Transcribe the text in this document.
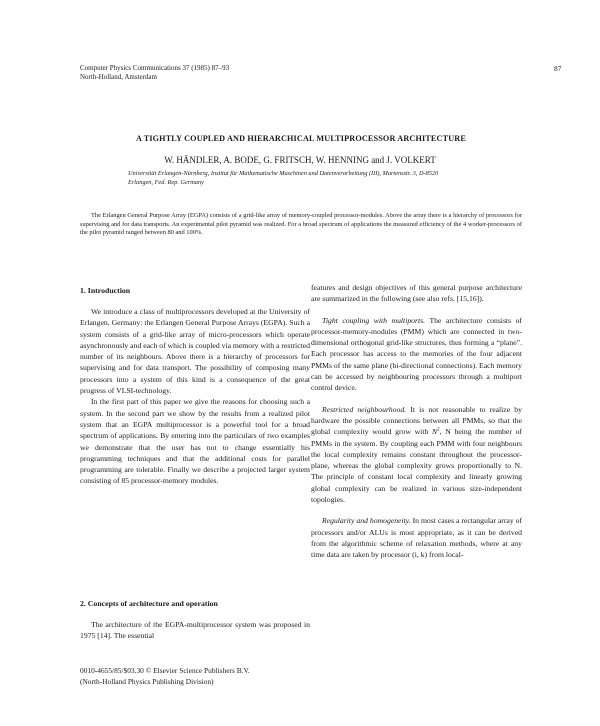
Computer Physics Communications 37 (1985) 87–93
North-Holland, Amsterdam
87
A TIGHTLY COUPLED AND HIERARCHICAL MULTIPROCESSOR ARCHITECTURE
W. HÄNDLER, A. BODE, G. FRITSCH, W. HENNING and J. VOLKERT
Universität Erlangen-Nürnberg, Institut für Mathematische Maschinen und Datenverarbeitung (III), Martensstr. 3, D-8520
Erlangen, Fed. Rep. Germany
The Erlangen General Purpose Array (EGPA) consists of a grid-like array of memory-coupled processor-modules. Above the array there is a hierarchy of processors for supervising and for data transports. An experimental pilot pyramid was realized. For a broad spectrum of applications the measured efficiency of the 4 worker-processors of the pilot pyramid ranged between 80 and 100%.
1. Introduction

We introduce a class of multiprocessors developed at the University of Erlangen, Germany: the Erlangen General Purpose Arrays (EGPA). Such a system consists of a grid-like array of micro-processors which operate asynchronously and each of which is coupled via memory with a restricted number of its neighbours. Above there is a hierarchy of processors for supervising and for data transport. The possibility of composing many processors into a system of this kind is a consequence of the great progress of VLSI-technology.

In the first part of this paper we give the reasons for choosing such a system. In the second part we show by the results from a realized pilot system that an EGPA multiprocessor is a powerful tool for a broad spectrum of applications. By entering into the particulars of two examples we demonstrate that the user has not to change essentially his programming techniques and that the additional costs for parallel programming are tolerable. Finally we describe a projected larger system consisting of 85 processor-memory modules.

2. Concepts of architecture and operation

The architecture of the EGPA-multiprocessor system was proposed in 1975 [14]. The essential

features and design objectives of this general purpose architecture are summarized in the following (see also refs. [15,16]).

Tight coupling with multiports. The architecture consists of processor-memory-modules (PMM) which are connected in two-dimensional orthogonal grid-like structures, thus forming a “plane”. Each processor has access to the memories of the four adjacent PMMs of the same plane (bi-directional connections). Each memory can be accessed by neighbouring processors through a multiport control device.

Restricted neighbourhood. It is not reasonable to realize by hardware the possible connections between all PMMs, so that the global complexity would grow with $N^2$, N being the number of PMMs in the system. By coupling each PMM with four neighbours the local complexity remains constant throughout the processor-plane, whereas the global complexity grows proportionally to N. The principle of constant local complexity and linearly growing global complexity can be realized in various size-independent topologies.

Regularity and homogeneity. In most cases a rectangular array of processors and/or ALUs is most appropriate, as it can be derived from the algorithmic scheme of relaxation methods, where at any time data are taken by processor (i, k) from local-

0010-4655/85/$03.30 © Elsevier Science Publishers B.V.
(North-Holland Physics Publishing Division)
